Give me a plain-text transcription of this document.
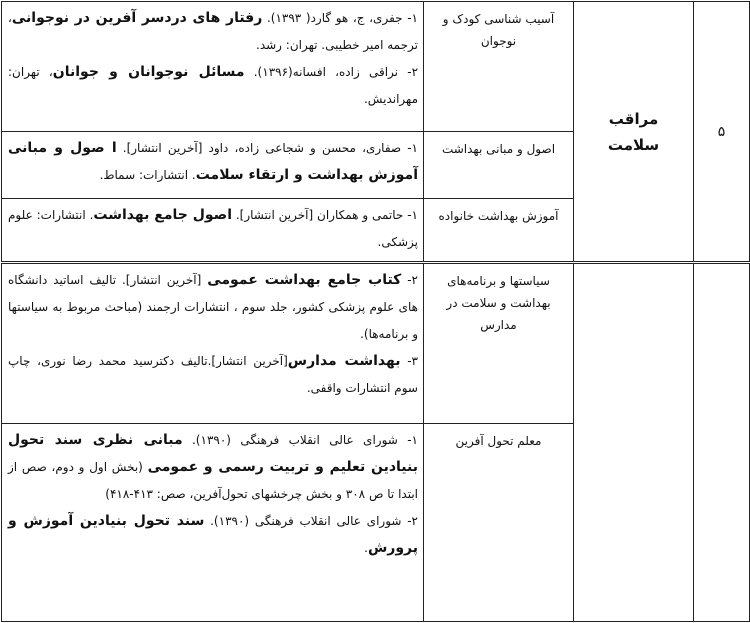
۵	مراقب سلامت	آسیب شناسی کودک و نوجوان	۱- جفری، ج، هو گارد( ۱۳۹۳). رفتار های دردسر آفرین در نوجوانی، ترجمه امیر خطیبی. تهران: رشد.

۲- نراقی زاده، افسانه(۱۳۹۶). مسائل نوجوانان و جوانان، تهران: مهراندیش.

		اصول و مبانی بهداشت	۱- صفاری، محسن و شجاعی زاده، داود [آخرین انتشار]. ا صول و مبانی آموزش بهداشت و ارتقاء سلامت. انتشارات: سماط.

		آموزش بهداشت خانواده	۱- حاتمی و همکاران [آخرین انتشار]. اصول جامع بهداشت. انتشارات: علوم پزشکی.

		سیاستها و برنامه‌های بهداشت و سلامت در مدارس	۲- کتاب جامع بهداشت عمومی [آخرین انتشار]. تالیف اساتید دانشگاه های علوم پزشکی کشور، جلد سوم ، انتشارات ارجمند (مباحث مربوط به سیاستها و برنامه‌ها).

۳- بهداشت مدارس[آخرین انتشار].تالیف دکترسید محمد رضا نوری، چاپ سوم انتشارات واقفی.

		معلم تحول آفرین	۱- شورای عالی انقلاب فرهنگی (۱۳۹۰). مبانی نظری سند تحول بنیادین تعلیم و تربیت رسمی و عمومی (بخش اول و دوم، صص از ابتدا تا ص ۳۰۸ و بخش چرخشهای تحول‌آفرین، صص: ۴۱۳-۴۱۸)

۲- شورای عالی انقلاب فرهنگی (۱۳۹۰). سند تحول بنیادین آموزش و پرورش.
